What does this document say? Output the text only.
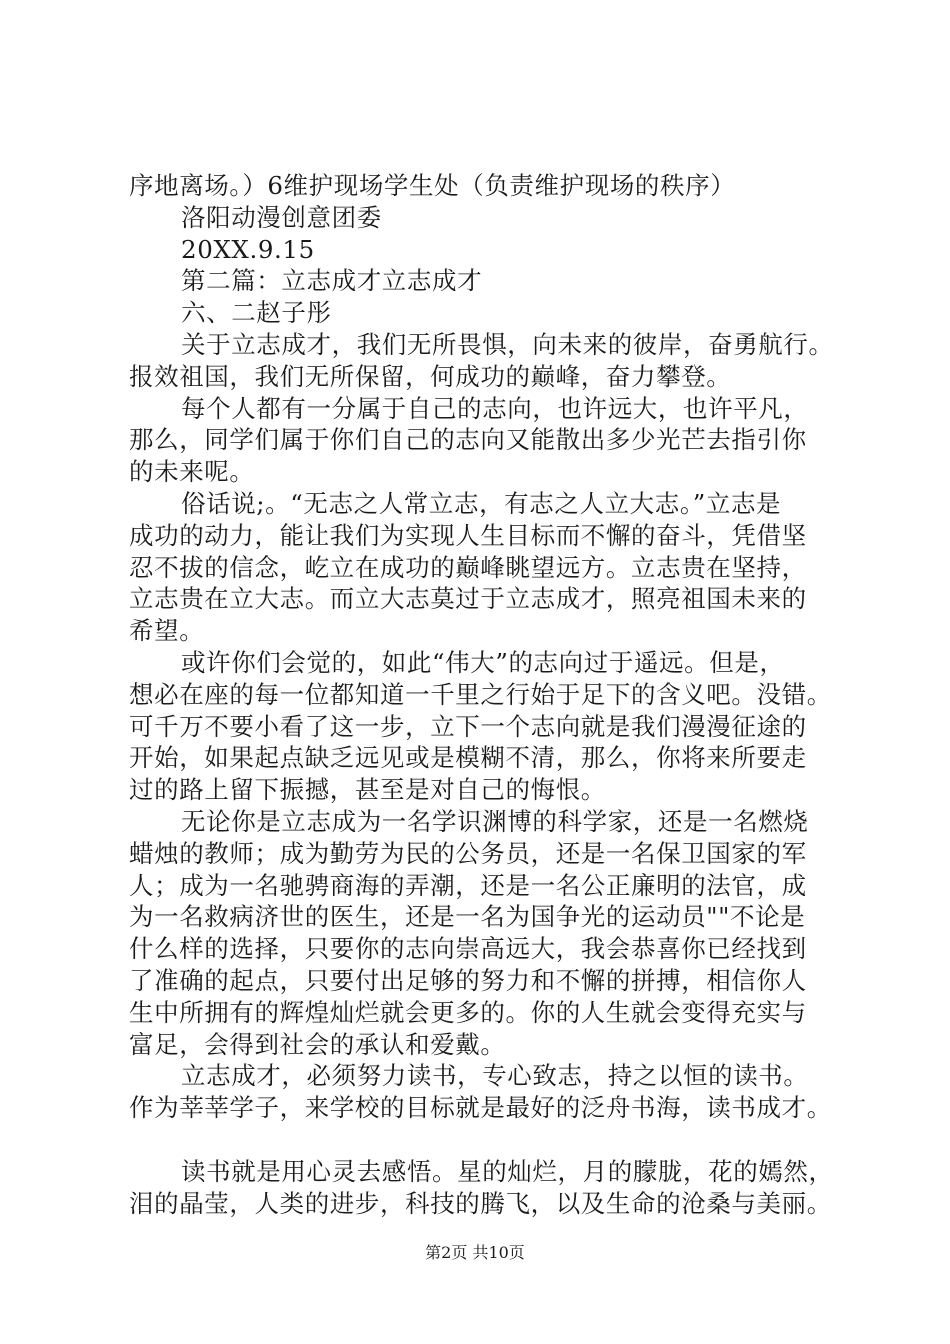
序地离场。）6维护现场学生处（负责维护现场的秩序）
洛阳动漫创意团委
20XX.9.15
第二篇：立志成才立志成才
六、二赵子彤
关于立志成才，我们无所畏惧，向未来的彼岸，奋勇航行。
报效祖国，我们无所保留，何成功的巅峰，奋力攀登。
每个人都有一分属于自己的志向，也许远大，也许平凡，
那么，同学们属于你们自己的志向又能散出多少光芒去指引你
的未来呢。
俗话说;。“无志之人常立志，有志之人立大志。”立志是
成功的动力，能让我们为实现人生目标而不懈的奋斗，凭借坚
忍不拔的信念，屹立在成功的巅峰眺望远方。立志贵在坚持，
立志贵在立大志。而立大志莫过于立志成才，照亮祖国未来的
希望。
或许你们会觉的，如此“伟大”的志向过于遥远。但是，
想必在座的每一位都知道一千里之行始于足下的含义吧。没错。
可千万不要小看了这一步，立下一个志向就是我们漫漫征途的
开始，如果起点缺乏远见或是模糊不清，那么，你将来所要走
过的路上留下振撼，甚至是对自己的悔恨。
无论你是立志成为一名学识渊博的科学家，还是一名燃烧
蜡烛的教师；成为勤劳为民的公务员，还是一名保卫国家的军
人；成为一名驰骋商海的弄潮，还是一名公正廉明的法官，成
为一名救病济世的医生，还是一名为国争光的运动员""不论是
什么样的选择，只要你的志向崇高远大，我会恭喜你已经找到
了准确的起点，只要付出足够的努力和不懈的拼搏，相信你人
生中所拥有的辉煌灿烂就会更多的。你的人生就会变得充实与
富足，会得到社会的承认和爱戴。
立志成才，必须努力读书，专心致志，持之以恒的读书。
作为莘莘学子，来学校的目标就是最好的泛舟书海，读书成才。
读书就是用心灵去感悟。星的灿烂，月的朦胧，花的嫣然，
泪的晶莹，人类的进步，科技的腾飞，以及生命的沧桑与美丽。
第2页 共10页
